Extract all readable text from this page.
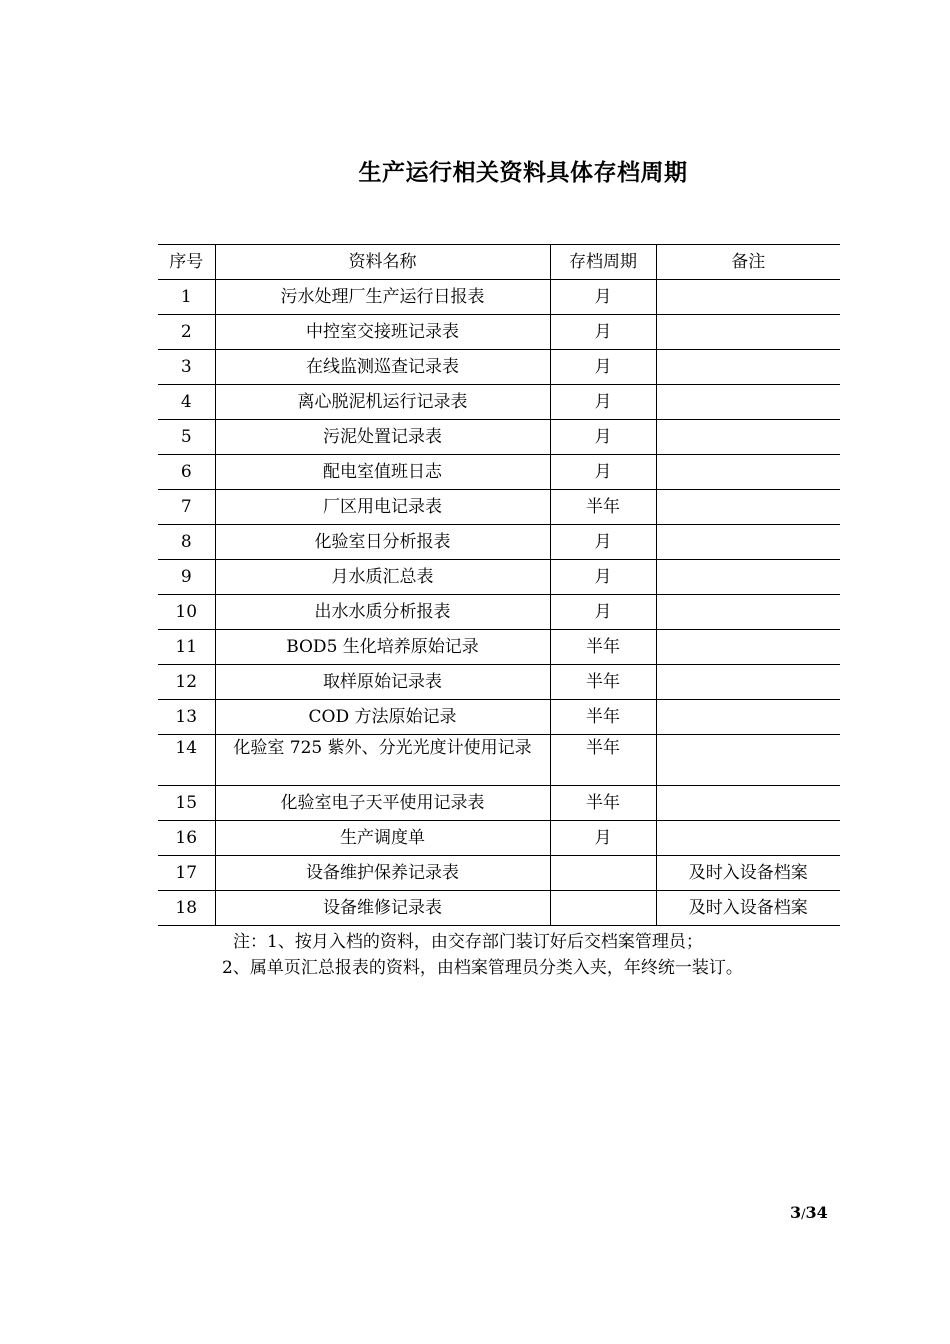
生产运行相关资料具体存档周期
序号	资料名称	存档周期	备注
1	污水处理厂生产运行日报表	月	
2	中控室交接班记录表	月	
3	在线监测巡查记录表	月	
4	离心脱泥机运行记录表	月	
5	污泥处置记录表	月	
6	配电室值班日志	月	
7	厂区用电记录表	半年	
8	化验室日分析报表	月	
9	月水质汇总表	月	
10	出水水质分析报表	月	
11	BOD5 生化培养原始记录	半年	
12	取样原始记录表	半年	
13	COD 方法原始记录	半年	
14	化验室 725 紫外、分光光度计使用记录	半年	
15	化验室电子天平使用记录表	半年	
16	生产调度单	月	
17	设备维护保养记录表		及时入设备档案
18	设备维修记录表		及时入设备档案
注：1、按月入档的资料，由交存部门装订好后交档案管理员；
2、属单页汇总报表的资料，由档案管理员分类入夹，年终统一装订。
3/34
